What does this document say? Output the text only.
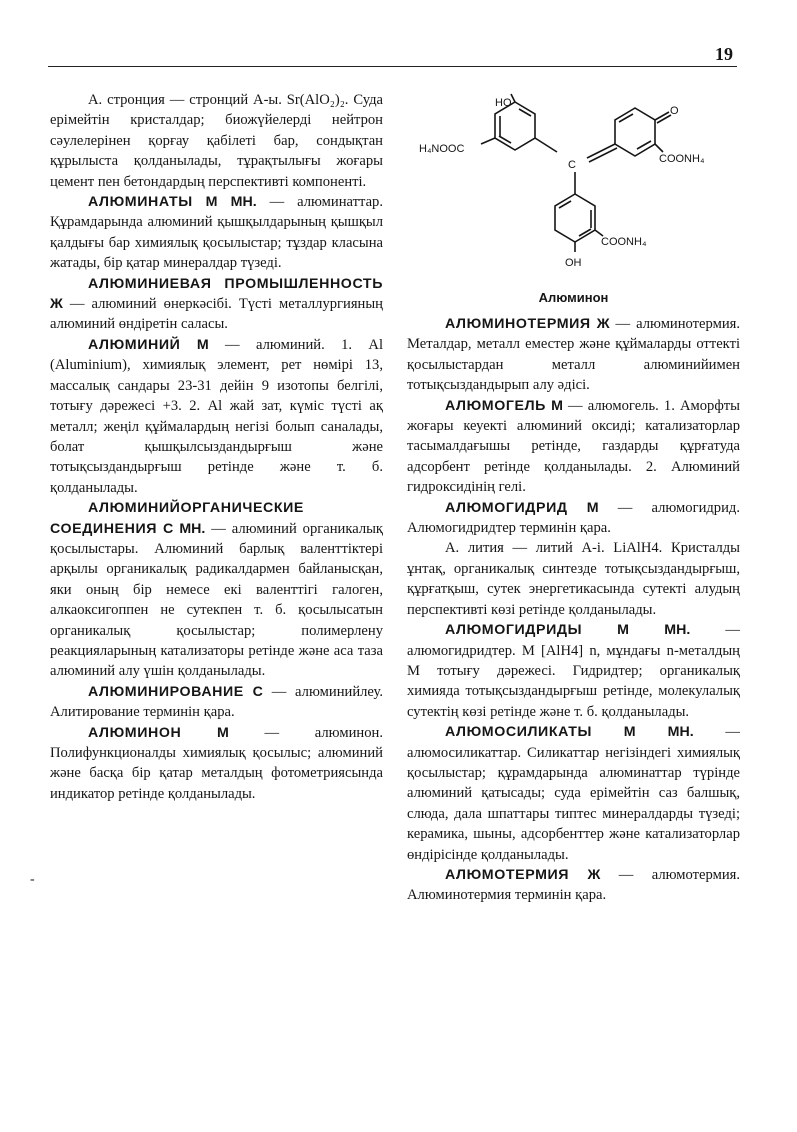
19

А. стронция — стронций А-ы. Sr(AlO₂)₂. Суда ерімейтін кристалдар; биожүйелерді нейтрон сәулелерінен қорғау қабілеті бар, сондықтан құрылыста қолданылады, тұрақтылығы жоғары цемент пен бетондардың перспективті компоненті.

АЛЮМИНАТЫ М МН. — алюминаттар. Құрамдарында алюминий қышқылдарының қышқыл қалдығы бар химиялық қосылыстар; тұздар класына жатады, бір қатар минералдар түзеді.

АЛЮМИНИЕВАЯ ПРОМЫШЛЕННОСТЬ Ж — алюминий өнеркәсібі. Түсті металлургияның алюминий өндіретін саласы.

АЛЮМИНИЙ М — алюминий. 1. Al (Aluminium), химиялық элемент, рет нөмірі 13, массалық сандары 23-31 дейін 9 изотопы белгілі, тотығу дәрежесі +3. 2. Al жай зат, күміс түсті ақ металл; жеңіл құймалардың негізі болып саналады, болат қышқылсыздандырғыш және тотықсыздандырғыш ретінде және т. б. қолданылады.

АЛЮМИНИЙОРГАНИЧЕСКИЕ СОЕДИНЕНИЯ С МН. — алюминий органикалық қосылыстары. Алюминий барлық валенттіктері арқылы органикалық радикалдармен байланысқан, яки оның бір немесе екі валенттігі галоген, алкаоксигоппен не сутекпен т. б. қосылысатын органикалық қосылыстар; полимерлену реакцияларының катализаторы ретінде және аса таза алюминий алу үшін қолданылады.

АЛЮМИНИРОВАНИЕ С — алюминийлеу. Алитирование терминін қара.

АЛЮМИНОН	М — алюминон. Полифункционалды химиялық қосылыс; алюминий және басқа бір қатар металдың фотометриясында индикатор ретінде қолданылады.

-
HO
H₄NOOC
C
O
COONH₄
COONH₄
OH
Алюминон

АЛЮМИНОТЕРМИЯ Ж — алюминотермия. Металдар, металл еместер және құймаларды оттекті қосылыстардан металл алюминийимен тотықсыздандырып алу әдісі.

АЛЮМОГЕЛЬ М — алюмогель. 1. Аморфты жоғары кеуекті алюминий оксиді; катализаторлар тасымалдағышы ретінде, газдарды құрғатуда адсорбент ретінде қолданылады. 2. Алюминий гидроксидінің гелі.

АЛЮМОГИДРИД М — алюмогидрид. Алюмогидридтер терминін қара.

А. лития — литий А-і. LiAlH4. Кристалды ұнтақ, органикалық синтезде тотықсыздандырғыш, құрғатқыш, сутек энергетикасында сутекті алудың перспективті көзі ретінде қолданылады.

АЛЮМОГИДРИДЫ М МН. — алюмогидридтер. M [AlH4] n, мұндағы n-металдың М тотығу дәрежесі. Гидридтер; органикалық химияда тотықсыздандырғыш ретінде, молекулалық сутектің көзі ретінде және т. б. қолданылады.

АЛЮМОСИЛИКАТЫ М МН. — алюмосиликаттар. Силикаттар негізіндегі химиялық қосылыстар; құрамдарында алюминаттар түрінде алюминий қатысады; суда ерімейтін саз балшық, слюда, дала шпаттары типтес минералдарды түзеді; керамика, шыны, адсорбенттер және катализаторлар өндірісінде қолданылады.

АЛЮМОТЕРМИЯ Ж — алюмотермия. Алюминотермия терминін қара.
